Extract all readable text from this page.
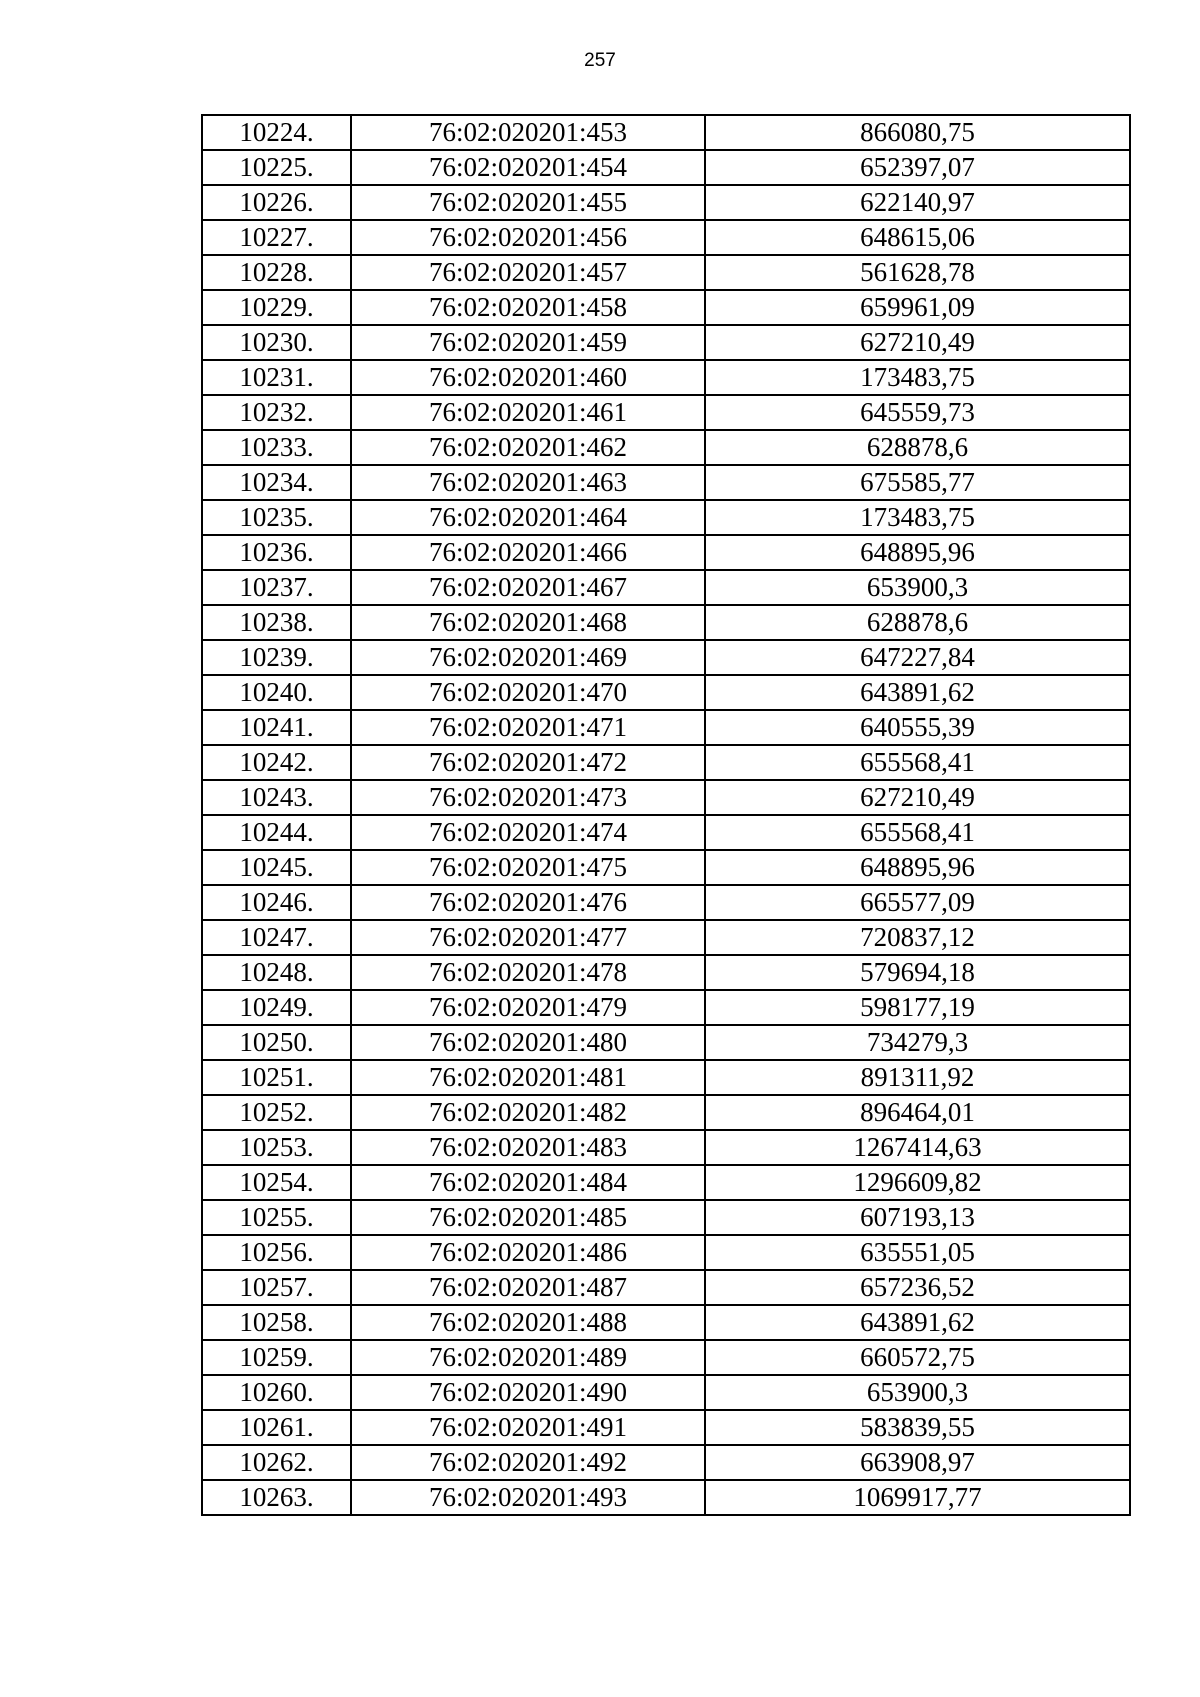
257
10224.	76:02:020201:453	866080,75
10225.	76:02:020201:454	652397,07
10226.	76:02:020201:455	622140,97
10227.	76:02:020201:456	648615,06
10228.	76:02:020201:457	561628,78
10229.	76:02:020201:458	659961,09
10230.	76:02:020201:459	627210,49
10231.	76:02:020201:460	173483,75
10232.	76:02:020201:461	645559,73
10233.	76:02:020201:462	628878,6
10234.	76:02:020201:463	675585,77
10235.	76:02:020201:464	173483,75
10236.	76:02:020201:466	648895,96
10237.	76:02:020201:467	653900,3
10238.	76:02:020201:468	628878,6
10239.	76:02:020201:469	647227,84
10240.	76:02:020201:470	643891,62
10241.	76:02:020201:471	640555,39
10242.	76:02:020201:472	655568,41
10243.	76:02:020201:473	627210,49
10244.	76:02:020201:474	655568,41
10245.	76:02:020201:475	648895,96
10246.	76:02:020201:476	665577,09
10247.	76:02:020201:477	720837,12
10248.	76:02:020201:478	579694,18
10249.	76:02:020201:479	598177,19
10250.	76:02:020201:480	734279,3
10251.	76:02:020201:481	891311,92
10252.	76:02:020201:482	896464,01
10253.	76:02:020201:483	1267414,63
10254.	76:02:020201:484	1296609,82
10255.	76:02:020201:485	607193,13
10256.	76:02:020201:486	635551,05
10257.	76:02:020201:487	657236,52
10258.	76:02:020201:488	643891,62
10259.	76:02:020201:489	660572,75
10260.	76:02:020201:490	653900,3
10261.	76:02:020201:491	583839,55
10262.	76:02:020201:492	663908,97
10263.	76:02:020201:493	1069917,77
